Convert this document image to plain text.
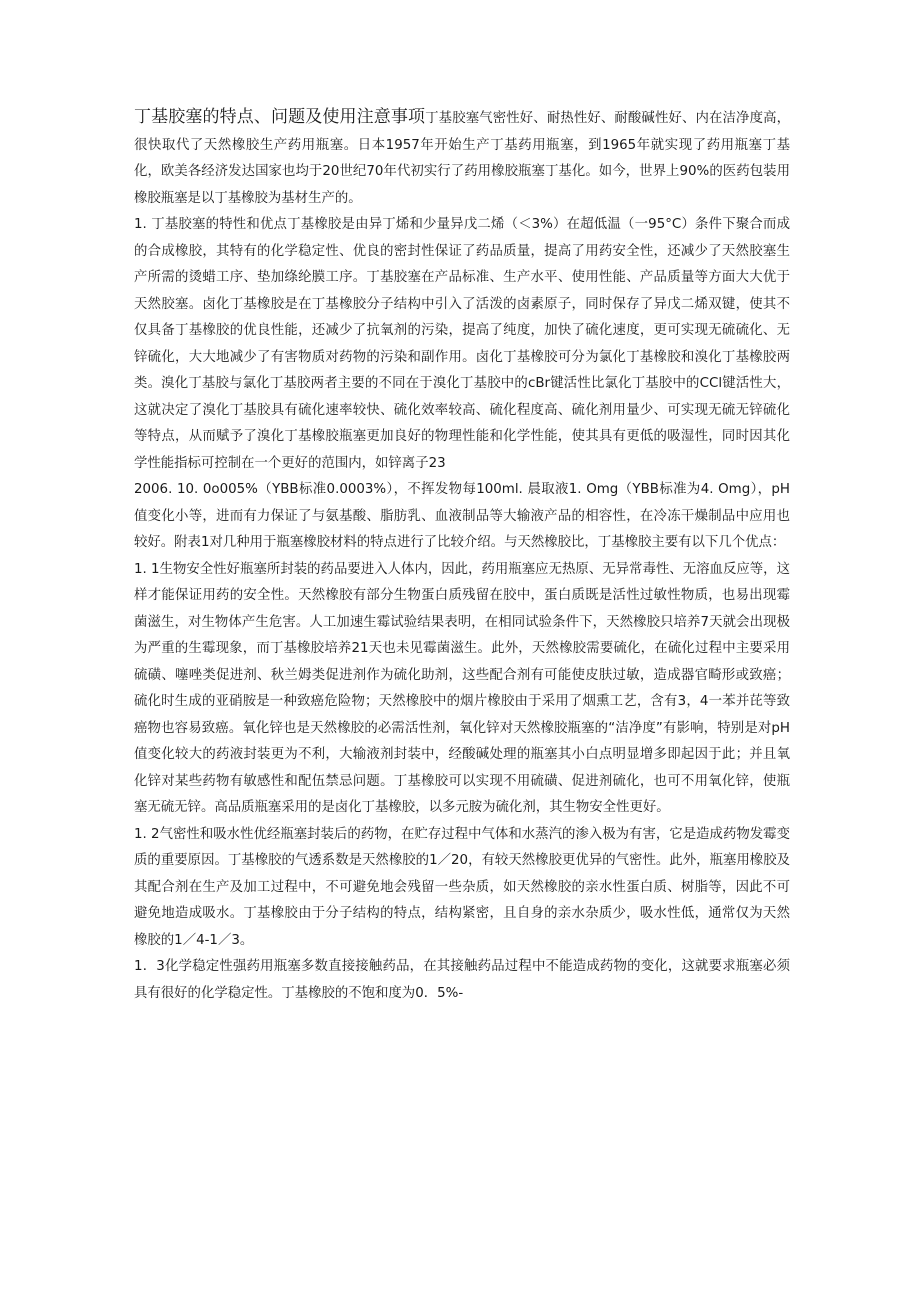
丁基胶塞的特点、问题及使用注意事项丁基胶塞气密性好、耐热性好、耐酸碱性好、内在洁净度高，很快取代了天然橡胶生产药用瓶塞。日本1957年开始生产丁基药用瓶塞，到1965年就实现了药用瓶塞丁基化，欧美各经济发达国家也均于20世纪70年代初实行了药用橡胶瓶塞丁基化。如今，世界上90%的医药包装用橡胶瓶塞是以丁基橡胶为基材生产的。

1. 丁基胶塞的特性和优点丁基橡胶是由异丁烯和少量异戊二烯（＜3%）在超低温（一95°C）条件下聚合而成的合成橡胶，其特有的化学稳定性、优良的密封性保证了药品质量，提高了用药安全性，还减少了天然胶塞生产所需的烫蜡工序、垫加绦纶膜工序。丁基胶塞在产品标准、生产水平、使用性能、产品质量等方面大大优于天然胶塞。卤化丁基橡胶是在丁基橡胶分子结构中引入了活泼的卤素原子，同时保存了异戊二烯双键，使其不仅具备丁基橡胶的优良性能，还减少了抗氧剂的污染，提高了纯度，加快了硫化速度，更可实现无硫硫化、无锌硫化，大大地减少了有害物质对药物的污染和副作用。卤化丁基橡胶可分为氯化丁基橡胶和溴化丁基橡胶两类。溴化丁基胶与氯化丁基胶两者主要的不同在于溴化丁基胶中的cBr键活性比氯化丁基胶中的CCl键活性大，这就决定了溴化丁基胶具有硫化速率较快、硫化效率较高、硫化程度高、硫化剂用量少、可实现无硫无锌硫化等特点，从而赋予了溴化丁基橡胶瓶塞更加良好的物理性能和化学性能，使其具有更低的吸湿性，同时因其化学性能指标可控制在一个更好的范围内，如锌离子23

2006. 10. 0o005%（YBB标准0.0003%），不挥发物每100ml. 晨取液1. Omg（YBB标准为4. Omg），pH值变化小等，进而有力保证了与氨基酸、脂肪乳、血液制品等大输液产品的相容性，在冷冻干燥制品中应用也较好。附表1对几种用于瓶塞橡胶材料的特点进行了比较介绍。与天然橡胶比，丁基橡胶主要有以下几个优点：

1. 1生物安全性好瓶塞所封装的药品要进入人体内，因此，药用瓶塞应无热原、无异常毒性、无溶血反应等，这样才能保证用药的安全性。天然橡胶有部分生物蛋白质残留在胶中，蛋白质既是活性过敏性物质，也易出现霉菌滋生，对生物体产生危害。人工加速生霉试验结果表明，在相同试验条件下，天然橡胶只培养7天就会出现极为严重的生霉现象，而丁基橡胶培养21天也未见霉菌滋生。此外，天然橡胶需要硫化，在硫化过程中主要采用硫磺、噻唑类促进剂、秋兰姆类促进剂作为硫化助剂，这些配合剂有可能使皮肤过敏，造成器官畸形或致癌；硫化时生成的亚硝胺是一种致癌危险物；天然橡胶中的烟片橡胶由于采用了烟熏工艺，含有3，4一苯并芘等致癌物也容易致癌。氧化锌也是天然橡胶的必需活性剂，氧化锌对天然橡胶瓶塞的“洁净度”有影响，特别是对pH值变化较大的药液封装更为不利，大输液剂封装中，经酸碱处理的瓶塞其小白点明显增多即起因于此；并且氧化锌对某些药物有敏感性和配伍禁忌问题。丁基橡胶可以实现不用硫磺、促进剂硫化，也可不用氧化锌，使瓶塞无硫无锌。高品质瓶塞采用的是卤化丁基橡胶，以多元胺为硫化剂，其生物安全性更好。

1. 2气密性和吸水性优经瓶塞封装后的药物，在贮存过程中气体和水蒸汽的渗入极为有害，它是造成药物发霉变质的重要原因。丁基橡胶的气透系数是天然橡胶的1／20，有较天然橡胶更优异的气密性。此外，瓶塞用橡胶及其配合剂在生产及加工过程中，不可避免地会残留一些杂质，如天然橡胶的亲水性蛋白质、树脂等，因此不可避免地造成吸水。丁基橡胶由于分子结构的特点，结构紧密，且自身的亲水杂质少，吸水性低，通常仅为天然橡胶的1／4-1／3。

1．3化学稳定性强药用瓶塞多数直接接触药品，在其接触药品过程中不能造成药物的变化，这就要求瓶塞必须具有很好的化学稳定性。丁基橡胶的不饱和度为0．5%-
